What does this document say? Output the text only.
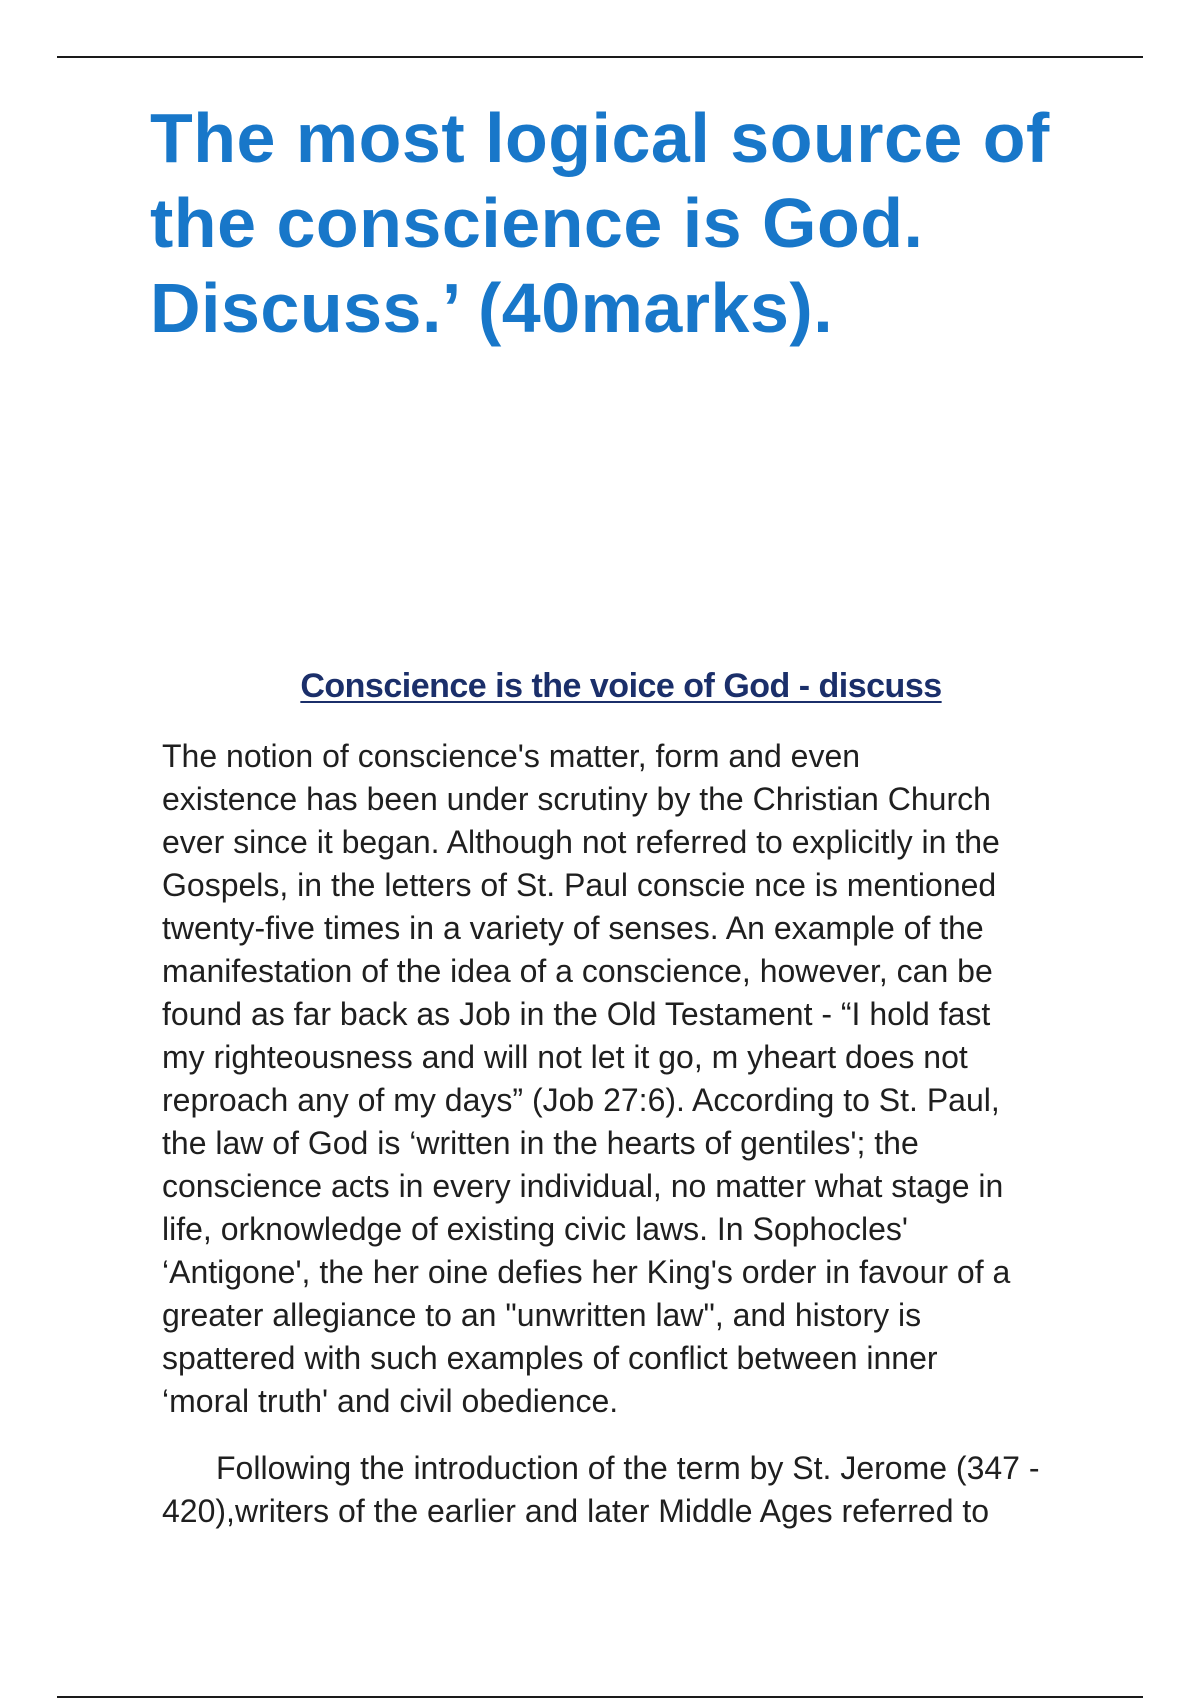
The most logical source of the conscience is God. Discuss.’ (40marks).
Conscience is the voice of God - discuss

The notion of conscience's matter, form and even
existence has been under scrutiny by the Christian Church
ever since it began. Although not referred to explicitly in the
Gospels, in the letters of St. Paul conscie nce is mentioned
twenty-five times in a variety of senses. An example of the
manifestation of the idea of a conscience, however, can be
found as far back as Job in the Old Testament - “I hold fast
my righteousness and will not let it go, m yheart does not
reproach any of my days” (Job 27:6). According to St. Paul,
the law of God is ‘written in the hearts of gentiles'; the
conscience acts in every individual, no matter what stage in
life, orknowledge of existing civic laws. In Sophocles'
‘Antigone', the her oine defies her King's order in favour of a
greater allegiance to an "unwritten law", and history is
spattered with such examples of conflict between inner
‘moral truth' and civil obedience.

Following the introduction of the term by St. Jerome (347 -
420),writers of the earlier and later Middle Ages referred to
